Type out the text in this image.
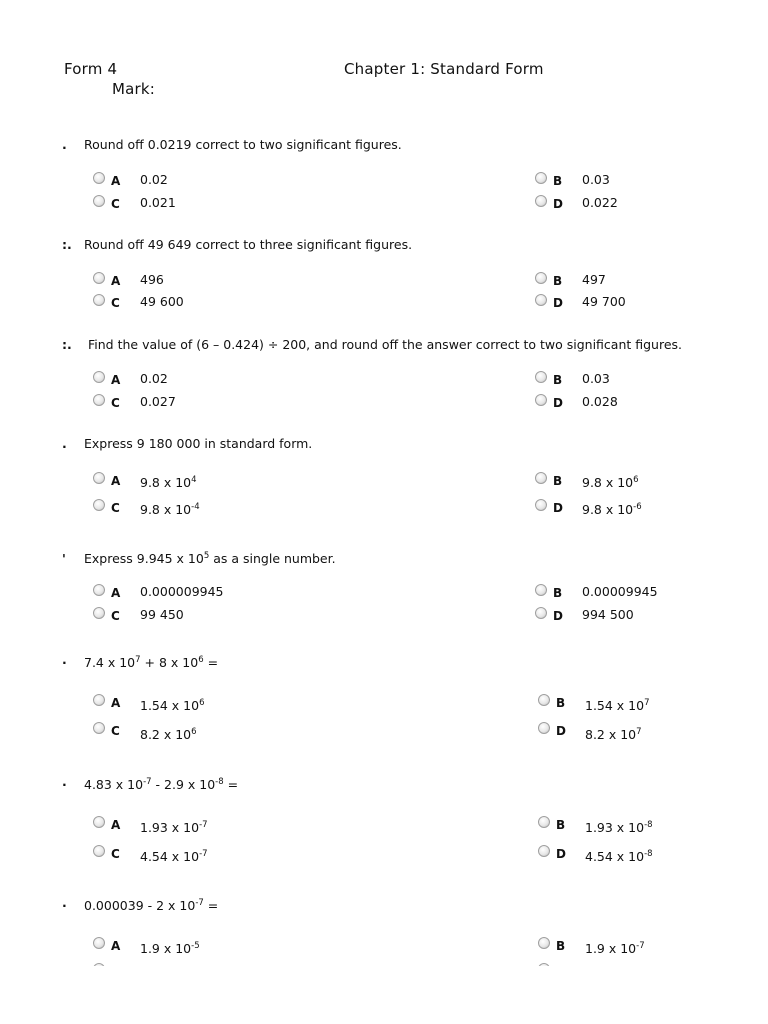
Form 4	Chapter 1: Standard Form
Mark:
. Round off 0.0219 correct to two significant figures.
A 0.02	B 0.03
C 0.021	D 0.022
:. Round off 49 649 correct to three significant figures.
A 496	B 497
C 49 600	D 49 700
:. Find the value of (6 – 0.424) ÷ 200, and round off the answer correct to two significant figures.
A 0.02	B 0.03
C 0.027	D 0.028
. Express 9 180 000 in standard form.
A 9.8 x $10^4$	B 9.8 x $10^6$
C 9.8 x $10^{-4}$	D 9.8 x $10^{-6}$
' Express 9.945 x $10^5$ as a single number.
A 0.000009945	B 0.00009945
C 99 450	D 994 500
· 7.4 x $10^7 + 8$ x $10^6$ =
A 1.54 x $10^6$	B 1.54 x $10^7$
C 8.2 x $10^6$	D 8.2 x $10^7$
· 4.83 x $10^{-7} - 2.9$ x $10^{-8}$ =
A 1.93 x $10^{-7}$	B 1.93 x $10^{-8}$
C 4.54 x $10^{-7}$	D 4.54 x $10^{-8}$
· 0.000039 - 2 x $10^{-7}$ =
A 1.9 x $10^{-5}$	B 1.9 x $10^{-7}$
